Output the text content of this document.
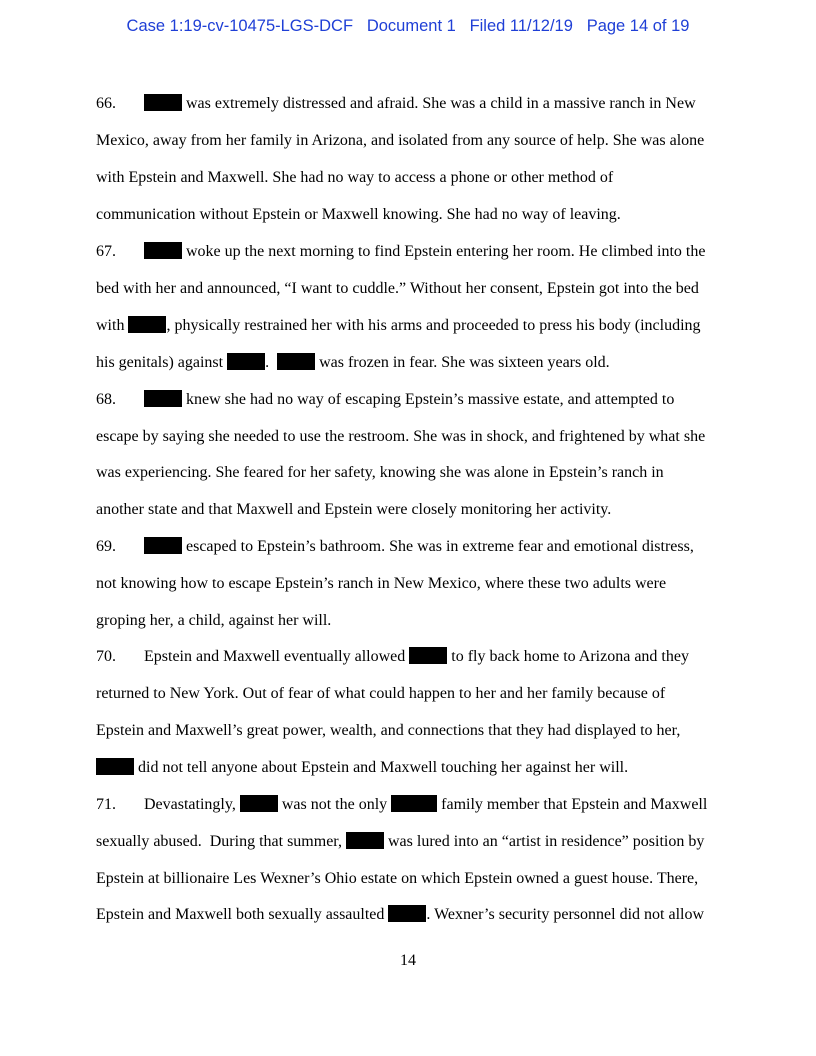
Case 1:19-cv-10475-LGS-DCF Document 1 Filed 11/12/19 Page 14 of 19
66.	was extremely distressed and afraid. She was a child in a massive ranch in New
Mexico, away from her family in Arizona, and isolated from any source of help. She was alone
with Epstein and Maxwell. She had no way to access a phone or other method of
communication without Epstein or Maxwell knowing. She had no way of leaving.
67.	woke up the next morning to find Epstein entering her room. He climbed into the
bed with her and announced, “I want to cuddle.” Without her consent, Epstein got into the bed
with , physically restrained her with his arms and proceeded to press his body (including
his genitals) against .   was frozen in fear. She was sixteen years old.
68.	knew she had no way of escaping Epstein’s massive estate, and attempted to
escape by saying she needed to use the restroom. She was in shock, and frightened by what she
was experiencing. She feared for her safety, knowing she was alone in Epstein’s ranch in
another state and that Maxwell and Epstein were closely monitoring her activity.
69.	escaped to Epstein’s bathroom. She was in extreme fear and emotional distress,
not knowing how to escape Epstein’s ranch in New Mexico, where these two adults were
groping her, a child, against her will.
70. Epstein and Maxwell eventually allowed  to fly back home to Arizona and they
returned to New York. Out of fear of what could happen to her and her family because of
Epstein and Maxwell’s great power, wealth, and connections that they had displayed to her,
did not tell anyone about Epstein and Maxwell touching her against her will.
71. Devastatingly,  was not the only	family member that Epstein and Maxwell
sexually abused.  During that summer,  was lured into an “artist in residence” position by
Epstein at billionaire Les Wexner’s Ohio estate on which Epstein owned a guest house. There,
Epstein and Maxwell both sexually assaulted . Wexner’s security personnel did not allow
14
